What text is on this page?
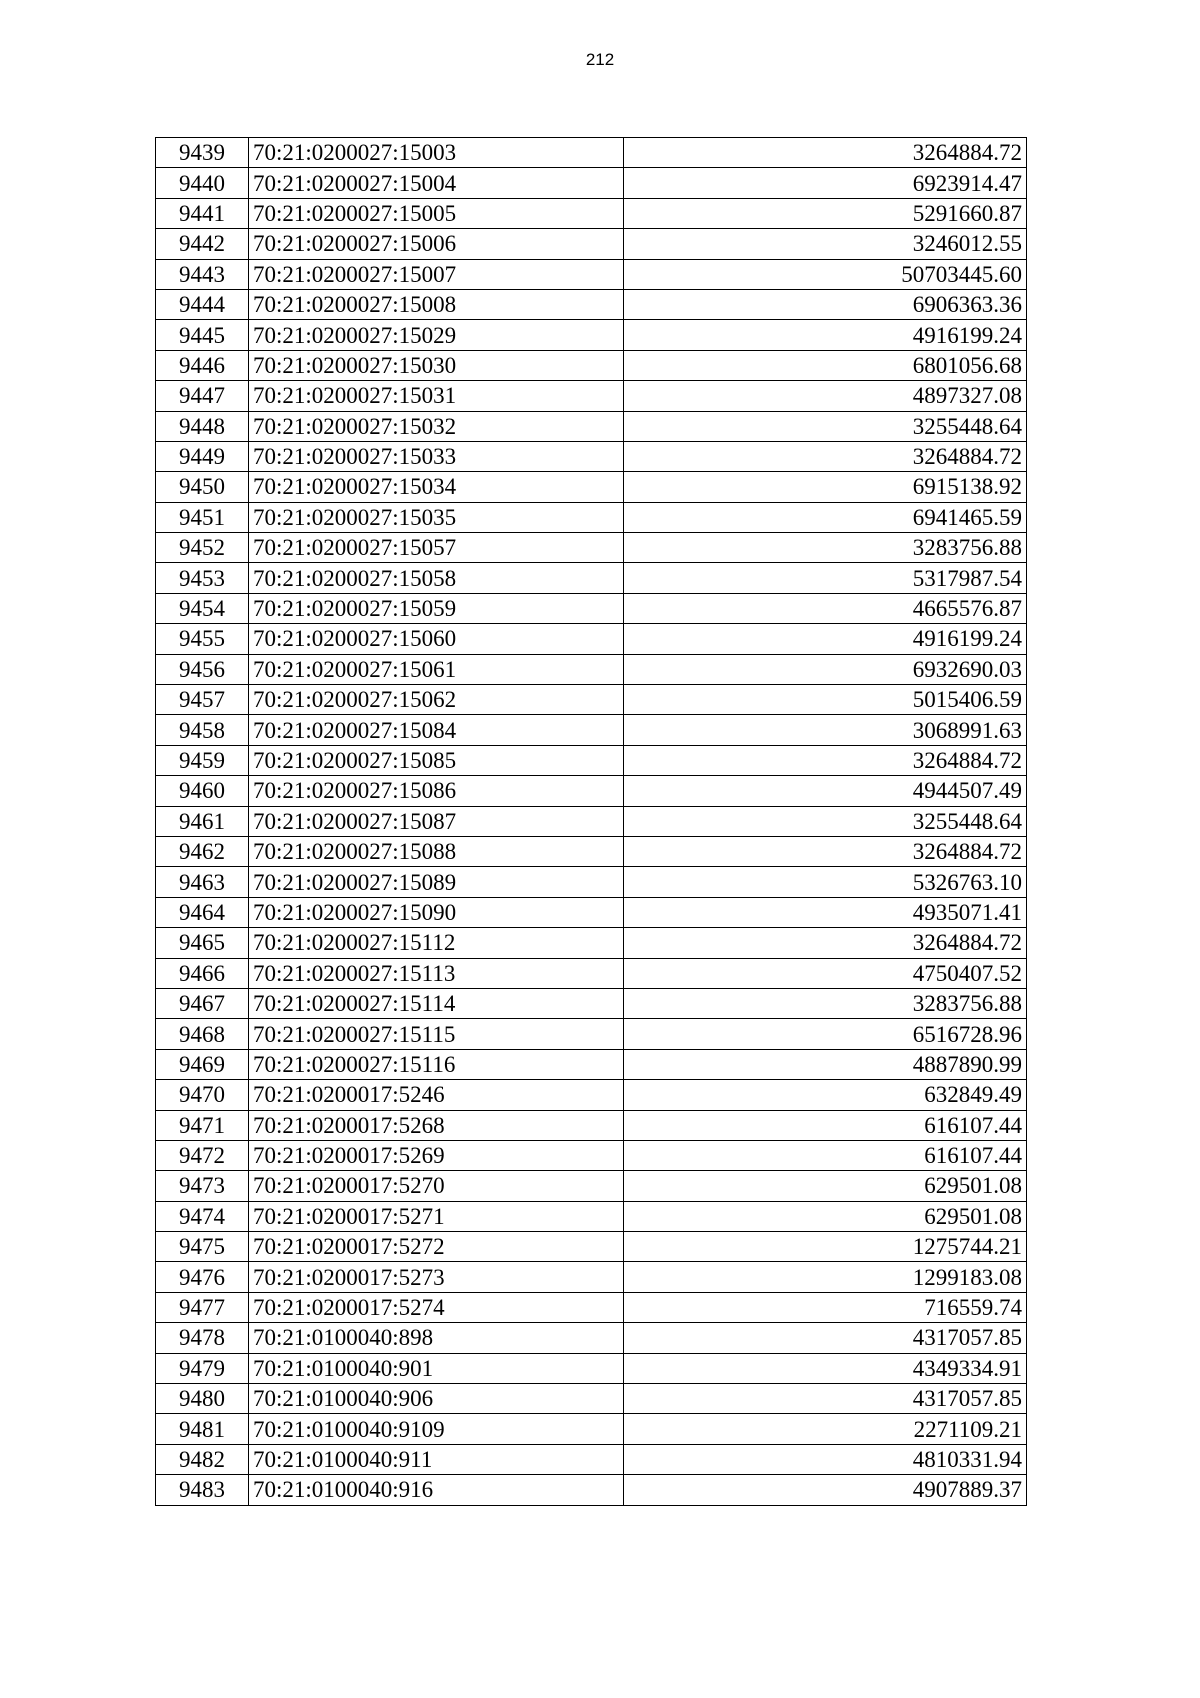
212
9439	70:21:0200027:15003	3264884.72
9440	70:21:0200027:15004	6923914.47
9441	70:21:0200027:15005	5291660.87
9442	70:21:0200027:15006	3246012.55
9443	70:21:0200027:15007	50703445.60
9444	70:21:0200027:15008	6906363.36
9445	70:21:0200027:15029	4916199.24
9446	70:21:0200027:15030	6801056.68
9447	70:21:0200027:15031	4897327.08
9448	70:21:0200027:15032	3255448.64
9449	70:21:0200027:15033	3264884.72
9450	70:21:0200027:15034	6915138.92
9451	70:21:0200027:15035	6941465.59
9452	70:21:0200027:15057	3283756.88
9453	70:21:0200027:15058	5317987.54
9454	70:21:0200027:15059	4665576.87
9455	70:21:0200027:15060	4916199.24
9456	70:21:0200027:15061	6932690.03
9457	70:21:0200027:15062	5015406.59
9458	70:21:0200027:15084	3068991.63
9459	70:21:0200027:15085	3264884.72
9460	70:21:0200027:15086	4944507.49
9461	70:21:0200027:15087	3255448.64
9462	70:21:0200027:15088	3264884.72
9463	70:21:0200027:15089	5326763.10
9464	70:21:0200027:15090	4935071.41
9465	70:21:0200027:15112	3264884.72
9466	70:21:0200027:15113	4750407.52
9467	70:21:0200027:15114	3283756.88
9468	70:21:0200027:15115	6516728.96
9469	70:21:0200027:15116	4887890.99
9470	70:21:0200017:5246	632849.49
9471	70:21:0200017:5268	616107.44
9472	70:21:0200017:5269	616107.44
9473	70:21:0200017:5270	629501.08
9474	70:21:0200017:5271	629501.08
9475	70:21:0200017:5272	1275744.21
9476	70:21:0200017:5273	1299183.08
9477	70:21:0200017:5274	716559.74
9478	70:21:0100040:898	4317057.85
9479	70:21:0100040:901	4349334.91
9480	70:21:0100040:906	4317057.85
9481	70:21:0100040:9109	2271109.21
9482	70:21:0100040:911	4810331.94
9483	70:21:0100040:916	4907889.37
